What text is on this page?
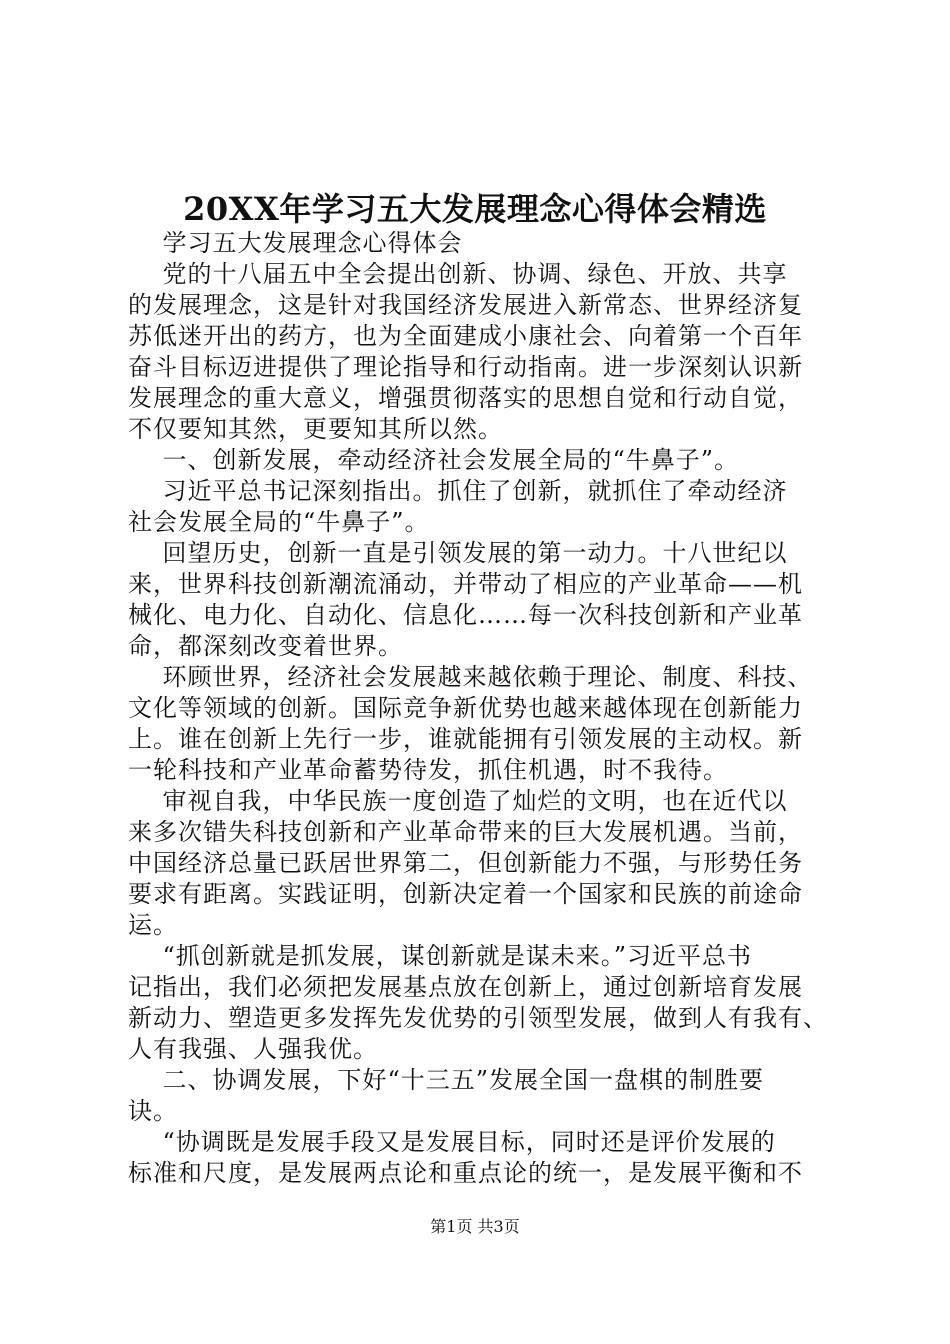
20XX年学习五大发展理念心得体会精选
学习五大发展理念心得体会
党的十八届五中全会提出创新、协调、绿色、开放、共享
的发展理念，这是针对我国经济发展进入新常态、世界经济复
苏低迷开出的药方，也为全面建成小康社会、向着第一个百年
奋斗目标迈进提供了理论指导和行动指南。进一步深刻认识新
发展理念的重大意义，增强贯彻落实的思想自觉和行动自觉，
不仅要知其然，更要知其所以然。
一、创新发展，牵动经济社会发展全局的“牛鼻子”。
习近平总书记深刻指出。抓住了创新，就抓住了牵动经济
社会发展全局的“牛鼻子”。
回望历史，创新一直是引领发展的第一动力。十八世纪以
来，世界科技创新潮流涌动，并带动了相应的产业革命——机
械化、电力化、自动化、信息化……每一次科技创新和产业革
命，都深刻改变着世界。
环顾世界，经济社会发展越来越依赖于理论、制度、科技、
文化等领域的创新。国际竞争新优势也越来越体现在创新能力
上。谁在创新上先行一步，谁就能拥有引领发展的主动权。新
一轮科技和产业革命蓄势待发，抓住机遇，时不我待。
审视自我，中华民族一度创造了灿烂的文明，也在近代以
来多次错失科技创新和产业革命带来的巨大发展机遇。当前，
中国经济总量已跃居世界第二，但创新能力不强，与形势任务
要求有距离。实践证明，创新决定着一个国家和民族的前途命
运。
“抓创新就是抓发展，谋创新就是谋未来。”习近平总书
记指出，我们必须把发展基点放在创新上，通过创新培育发展
新动力、塑造更多发挥先发优势的引领型发展，做到人有我有、
人有我强、人强我优。
二、协调发展，下好“十三五”发展全国一盘棋的制胜要
诀。
“协调既是发展手段又是发展目标，同时还是评价发展的
标准和尺度，是发展两点论和重点论的统一，是发展平衡和不
第1页 共3页
